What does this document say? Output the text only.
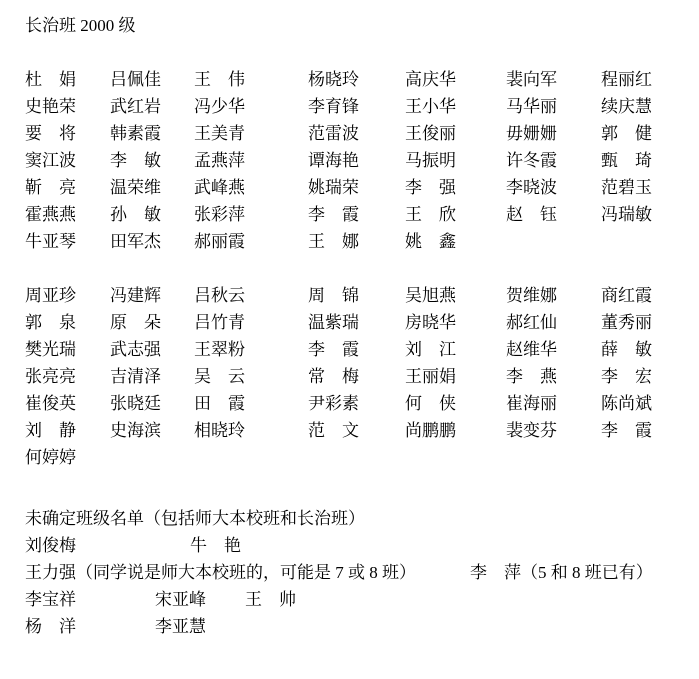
长治班 2000 级
杜　娟	吕佩佳	王　伟	杨晓玲	高庆华	裴向军	程丽红
史艳荣	武红岩	冯少华	李育锋	王小华	马华丽	续庆慧
要　将	韩素霞	王美青	范雷波	王俊丽	毋姗姗	郭　健
窦江波	李　敏	孟燕萍	谭海艳	马振明	许冬霞	甄　琦
靳　亮	温荣维	武峰燕	姚瑞荣	李　强	李晓波	范碧玉
霍燕燕	孙　敏	张彩萍	李　霞	王　欣	赵　钰	冯瑞敏
牛亚琴	田军杰	郝丽霞	王　娜	姚　鑫
周亚珍	冯建辉	吕秋云	周　锦	吴旭燕	贺维娜	商红霞
郭　泉	原　朵	吕竹青	温紫瑞	房晓华	郝红仙	董秀丽
樊光瑞	武志强	王翠粉	李　霞	刘　江	赵维华	薛　敏
张亮亮	吉清泽	吴　云	常　梅	王丽娟	李　燕	李　宏
崔俊英	张晓廷	田　霞	尹彩素	何　侠	崔海丽	陈尚斌
刘　静	史海滨	相晓玲	范　文	尚鹏鹏	裴变芬	李　霞
何婷婷
未确定班级名单（包括师大本校班和长治班）
刘俊梅	牛　艳
王力强（同学说是师大本校班的，可能是 7 或 8 班）	李　萍（5 和 8 班已有）
李宝祥	宋亚峰 王　帅
杨　洋	李亚慧
